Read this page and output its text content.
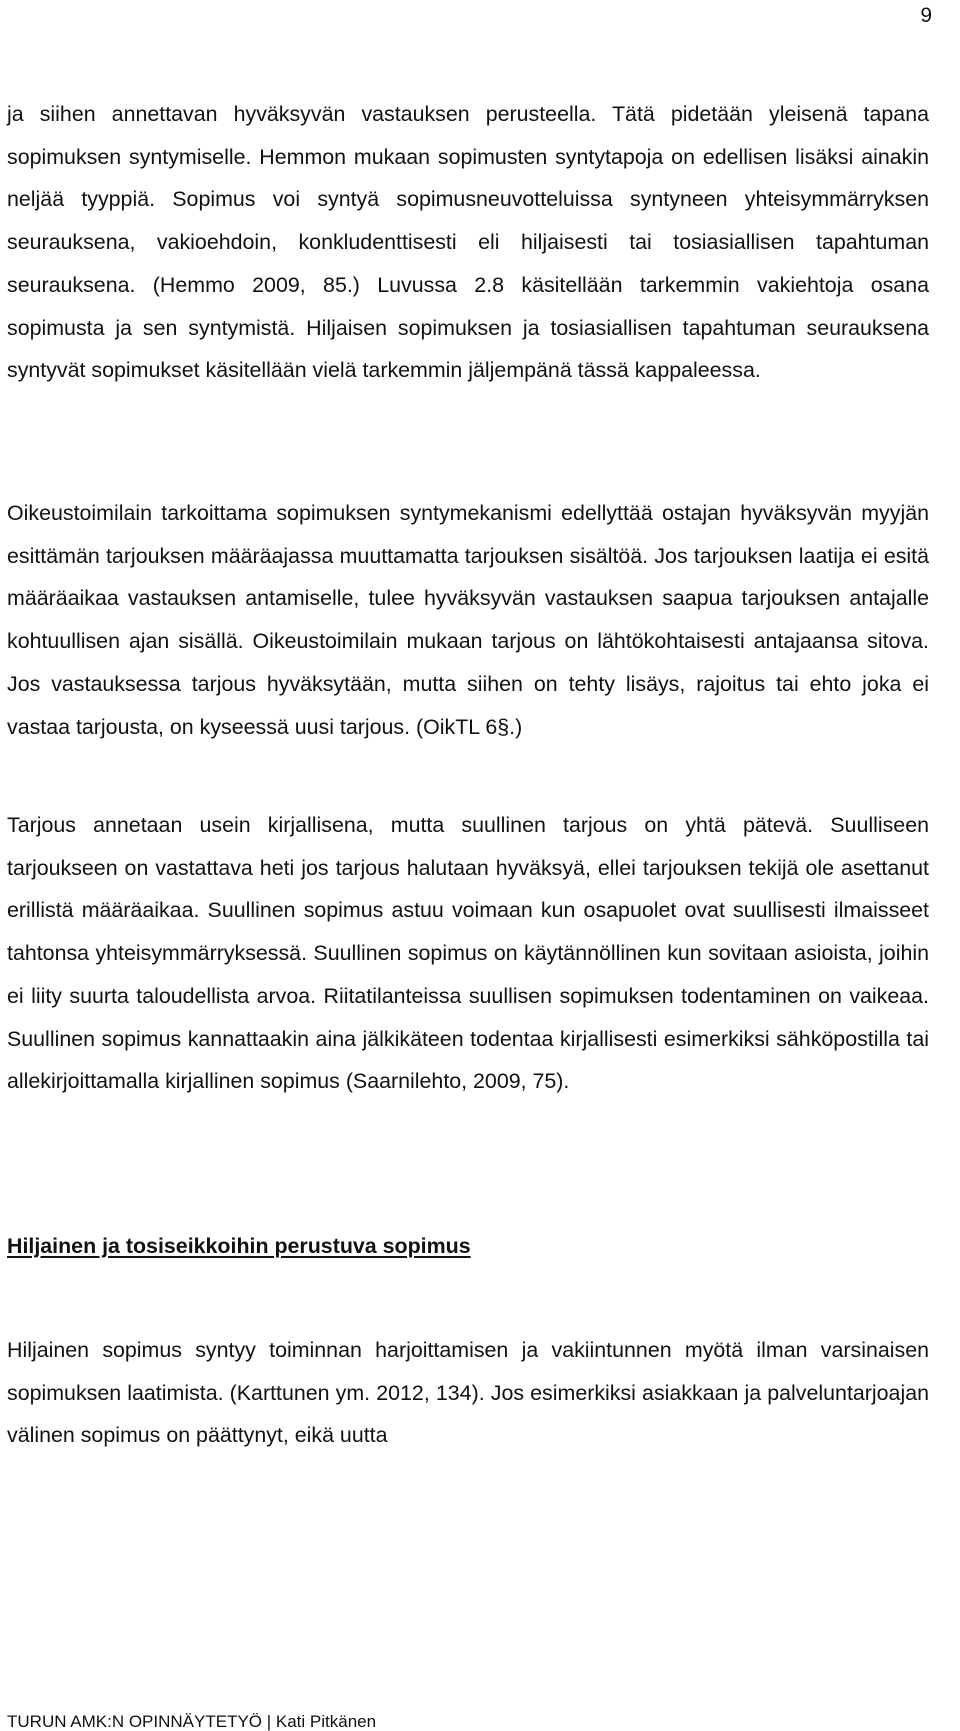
9

ja siihen annettavan hyväksyvän vastauksen perusteella. Tätä pidetään yleisenä tapana sopimuksen syntymiselle. Hemmon mukaan sopimusten syntytapoja on edellisen lisäksi ainakin neljää tyyppiä. Sopimus voi syntyä sopimusneuvotteluissa syntyneen yhteisymmärryksen seurauksena, vakioehdoin, konkludenttisesti eli hiljaisesti tai tosiasiallisen tapahtuman seurauksena. (Hemmo 2009, 85.) Luvussa 2.8 käsitellään tarkemmin vakiehtoja osana sopimusta ja sen syntymistä. Hiljaisen sopimuksen ja tosiasiallisen tapahtuman seurauksena syntyvät sopimukset käsitellään vielä tarkemmin jäljempänä tässä kappaleessa.

Oikeustoimilain tarkoittama sopimuksen syntymekanismi edellyttää ostajan hyväksyvän myyjän esittämän tarjouksen määräajassa muuttamatta tarjouksen sisältöä. Jos tarjouksen laatija ei esitä määräaikaa vastauksen antamiselle, tulee hyväksyvän vastauksen saapua tarjouksen antajalle kohtuullisen ajan sisällä. Oikeustoimilain mukaan tarjous on lähtökohtaisesti antajaansa sitova. Jos vastauksessa tarjous hyväksytään, mutta siihen on tehty lisäys, rajoitus tai ehto joka ei vastaa tarjousta, on kyseessä uusi tarjous. (OikTL 6§.)

Tarjous annetaan usein kirjallisena, mutta suullinen tarjous on yhtä pätevä. Suulliseen tarjoukseen on vastattava heti jos tarjous halutaan hyväksyä, ellei tarjouksen tekijä ole asettanut erillistä määräaikaa. Suullinen sopimus astuu voimaan kun osapuolet ovat suullisesti ilmaisseet tahtonsa yhteisymmärryksessä. Suullinen sopimus on käytännöllinen kun sovitaan asioista, joihin ei liity suurta taloudellista arvoa. Riitatilanteissa suullisen sopimuksen todentaminen on vaikeaa. Suullinen sopimus kannattaakin aina jälkikäteen todentaa kirjallisesti esimerkiksi sähköpostilla tai allekirjoittamalla kirjallinen sopimus (Saarnilehto, 2009, 75).

Hiljainen ja tosiseikkoihin perustuva sopimus

Hiljainen sopimus syntyy toiminnan harjoittamisen ja vakiintunnen myötä ilman varsinaisen sopimuksen laatimista. (Karttunen ym. 2012, 134). Jos esimerkiksi asiakkaan ja palveluntarjoajan välinen sopimus on päättynyt, eikä uutta

TURUN AMK:N OPINNÄYTETYÖ | Kati Pitkänen
